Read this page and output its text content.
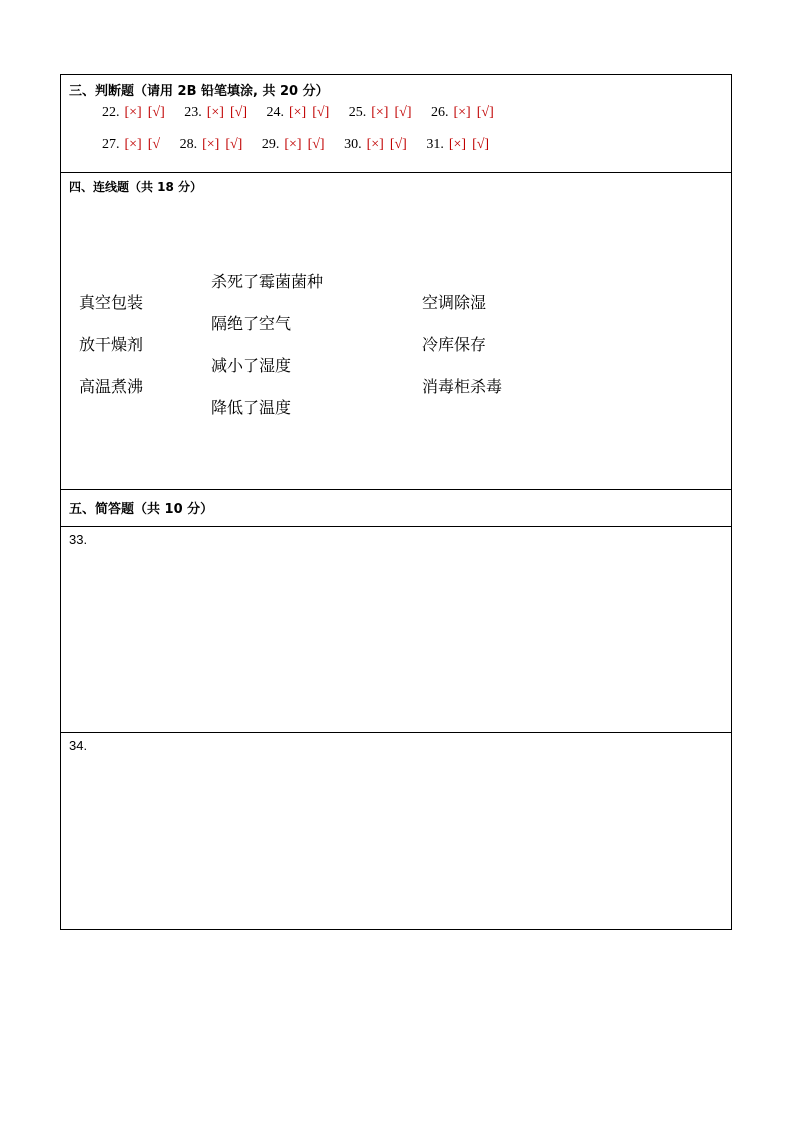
三、判断题（请用 2B 铅笔填涂, 共 20 分）
22. [×] [√] 23. [×] [√] 24. [×] [√] 25. [×] [√] 26. [×] [√]
27. [×] [√ 28. [×] [√] 29. [×] [√] 30. [×] [√] 31. [×] [√]
四、连线题（共 18 分）
真空包装
放干燥剂
高温煮沸
杀死了霉菌菌种
隔绝了空气
减小了湿度
降低了温度
空调除湿
冷库保存
消毒柜杀毒
五、简答题（共 10 分）
33.
34.
